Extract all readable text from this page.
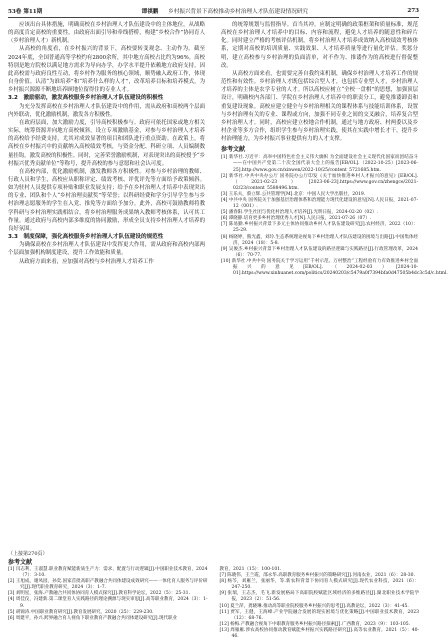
53卷 第11期	谭祺鹏 乡村振兴背景下高校推动乡村治理人才队伍建设情况研究	273

应该出台具体措施，明确高校在乡村治理人才队伍建设中的主体地位，从战略的高度肯定高校的重要性，由政府出面引导和牵线搭桥，构建“乡校合作”协同育人（乡村治理人才）新机制。

从高校的角度看，在乡村振兴的背景下，高校要转变观念、主动作为。截至2024年底，全国普通高等学校约有2800余所，其中地方高校占比约为96%。高校特别是地方院校以满足地方需求为导向办学，办学水平提升依赖地方政府支持。因此高校需与政府良性互动，将乡村作为服务的核心领域，顺势融入政府工作，体现自身价值。认清“为谁培养”和“培养什么样的人才”，改革培养目标和培养模式，为乡村振兴源源不断地培养顾地位留得住的专业人才。

3.2　激励驱动，激发高校服务乡村治理人才队伍建设的积极性

为充分发挥高校在乡村治理人才队伍建设中的作用，需从政府和高校两个层面内外联动，优化激励机制，激发各方积极性。

在政府层面，加大激励力度，引导高校积极参与。政府可依托国家或地方相关实际，统筹资源并向地方高校倾斜，设立专项激励基金，对参与乡村治理人才培养的高校给予经费支持，尤其对成效显著的项目和团队进行重点资助。在政策上，将高校在乡村振兴中的贡献纳入高校绩效考核，与资金分配、科研立项、人员编制数量挂钩，激发高校的积极性。同时，完善荣誉激励机制，对表现突出的高校授予“乡村振兴优秀贡献单位”等称号，提升高校的参与意愿和社会认可度。

在高校内部，优化激励机制，激发教师各方积极性。对参与乡村治理的教师、行政人员和学生，高校应从职称评定、绩效考核、评优评先等方面给予政策倾斜。如为驻村人员提供专项补贴和职业发展支持；给予在乡村治理人才培养中表现突出的专业、团队和个人“乡村治理贡献奖”等荣誉；以科研经费和学分引导学生参与乡村治理志愿服务的学生在入党、推免等方面给予加分。此外，高校可鼓励教师将教学科研与乡村治理实践相结合，将乡村治理服务成果纳入教师考核体系，认可其工作量。通过政府与高校内部多维度的协同激励，形成全员支持乡村治理人才培养的良好氛围。

3.3　制度保障，强化高校服务乡村治理人才队伍建设的规范性

为确保高校在乡村治理人才队伍建设中发挥更大作用，需从政府和高校内部两个层面加强机构制度建设，提升工作效能和质量。

从政府方面来看，应加强对高校与乡村治理人才培养工作

的统筹规划与监督指导。首当其冲，应制定明确的政策框架和质量标准，规范高校在乡村治理人才培养中的目标、内容和流程，避免人才培养的随意性和碎片化。同时建立严格的考核评估机制，将乡村治理人才培养成效纳入高校绩效考核体系，定期对高校的培训质量、实践效果、人才培养质量等进行量化评估。奖惩分明，建立高校参与乡村治理的负面清单，对不作为、推诿作为的高校进行督促整改。

从高校方面来看，也需要完善自我约束机制，确保乡村治理人才培养工作的规范性和有效性。乡村治理人才既包括综合型人才，也包括专业型人才，乡村治理人才培养的主体是农学专业的人才。所以高校应树立“全校一盘棋”的思想，加强顶层设计，明确校内各部门、学院在乡村治理人才培养中的职责分工，避免推诿卸责和重复建设现象。高校应建立健全与乡村治理相关的课程体系与技能培训体系，设置与乡村治理有关的专业、课程或方向，加强不同专业之间的交叉融合，培养复合型乡村治理人才。同时，高校应建立校地合作机制，通过与地方政府、村两委以及乡村企业等多方合作，组织学生参与乡村治理实践，使其在实践中增长才干，提升乡村治理能力，为乡村振兴事业提供有力的人才支撑。

参考文献
[1] 新华社.习近平：高举中国特色社会主义伟大旗帜 为全面建设社会主义现代化国家而团结奋斗——在中国共产党第二十次全国代表大会上的报告[EB/OL].（2022-10-25）[2023-06-25].http://www.gov.cn/xinwen/2022-10/25/content_5721685.htm.
[2] 新华社.中共中央办公厅 国务院办公厅印发《关于加快推进乡村人才振兴的意见》[EB/OL].（2021-02-23）[2023-06-23].https://www.gov.cn/zhengce/2021-02/23/content_5588496.htm.
[3] 王乐夫，蔡立辉.公共管理学[M].北京：中国人民大学出版社，2019.
[4] 中共中央 国务院关于加强基层治理体系和治理能力现代化建设的意见[N].人民日报，2021-07-12（001）.
[5] 潘春阳.学生社团与优化村治理人才培养[J].光明日报，2024-02-20（02）.
[6] 谭晓静.培育更多乡村治理优秀人才[N].人民日报，2021-07-26（07）.
[7] 陈易勤.乡村振兴背景下多元主体协同推动乡村人才队伍建设研究[J].农村经济，2022（10）：25-29.
[8] 杨晓婷，熊光鑫，刘玲.生态系统理论视角下乡村治理人才队伍建设的困境与出路[J].中国集体经济，2024（18）：5-8.
[9] 吴俊杰.乡村振兴背景下乡村治理人才队伍建设的路径逻辑与实践路径[J].行政管理改革，2024（6）：70-77.
[10] 新华社.中共中央 国务院关于学习运用“千村示范、万村整治”工程经验有力有效推进乡村全面振兴的意见[EB/OL].（2024-02-03）[2024-10-01].https://www.xinhuanet.com/politics/20240203/c5479a0f7394bfa0d47505b4dc3c5d/c.html.

（上接第270页）

参考文献
[1] 闫志利，王淑慧.职业教育赋能新质生产力：需求、配置与行动逻辑[J].中国职业技术教育，2024（7）：3-10.
[2] 王旭成，谢凤园，孙奕.国家首批高职产教融合共同体建设成效研究——一体化育人服务与评价研究[J].现代职业教育研究，2024（3）：1-7.
[3] 刘明星，张海.产教融合共同体协同育人模式探究[J].教育科学论坛，2022（5）：25-31.
[4] 周佳仪，冯建新.第二课堂育人实践路径的理论溯源与现实审思[J].高等职业教育，2024（3）：1-9.
[5] 胡锦涛.中国职业教育研究[J].教育发展研究，2020（25）：229-230.
[6] 周建平，孙兴.跨界融合育人视角下职业教育产教融合共同体建设研究[J].现代职业
教育，2021（15）：100-101.
[7] 陈晓伟，王兰霞，邵永华.高职教育服务乡村振兴的策略研究[J].河南农业，2021（6）：28-30.
[8] 杨芩，刘雁兰，张丽华，等.新农科背景下协同育人模式研究[J].现代农业科技，2021（6）：247-250.
[9] 张瑞，王志杰，毛飞.新发展格局下高职院校赋能区域经济的多维路径[J].湖北职业技术学院学报，2023（2）：51-56.
[10] 夏兰萍，龚晓琳.推动高等职业院校服务乡村振兴的思考[J].高教论坛，2022（3）：41-45.
[11] 贾军，王健，王海峰.产业学院融合发展的现实困境与优化策略[J].中国职业技术教育，2023（12）：68-76.
[12] 杨梅.产教融合视角下中职教育服务乡村振兴路径探索[J].广西教育，2023（9）：103-105.
[13] 周雁雁.涉农高校协同推动教育赋能乡村振兴实践路径研究[J].高等农业教育，2021（5）：40-46.
